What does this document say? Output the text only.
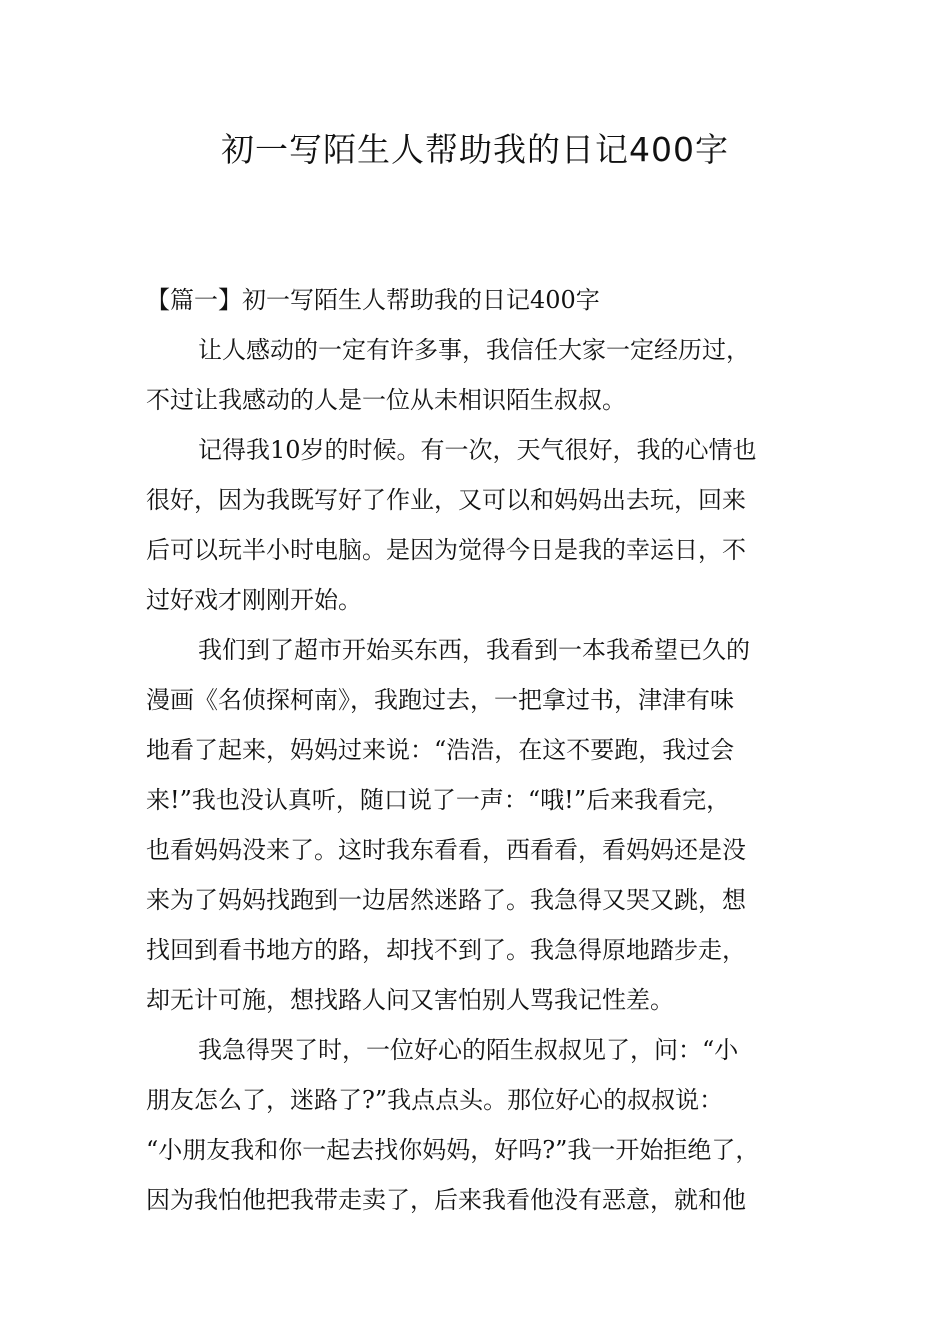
初一写陌生人帮助我的日记400字
【篇一】初一写陌生人帮助我的日记400字
让人感动的一定有许多事，我信任大家一定经历过，
不过让我感动的人是一位从未相识陌生叔叔。
记得我10岁的时候。有一次，天气很好，我的心情也
很好，因为我既写好了作业，又可以和妈妈出去玩，回来
后可以玩半小时电脑。是因为觉得今日是我的幸运日，不
过好戏才刚刚开始。
我们到了超市开始买东西，我看到一本我希望已久的
漫画《名侦探柯南》，我跑过去，一把拿过书，津津有味
地看了起来，妈妈过来说：“浩浩，在这不要跑，我过会
来!”我也没认真听，随口说了一声：“哦!”后来我看完，
也看妈妈没来了。这时我东看看，西看看，看妈妈还是没
来为了妈妈找跑到一边居然迷路了。我急得又哭又跳，想
找回到看书地方的路，却找不到了。我急得原地踏步走，
却无计可施，想找路人问又害怕别人骂我记性差。
我急得哭了时，一位好心的陌生叔叔见了，问：“小
朋友怎么了，迷路了?”我点点头。那位好心的叔叔说：
“小朋友我和你一起去找你妈妈，好吗?”我一开始拒绝了，
因为我怕他把我带走卖了，后来我看他没有恶意，就和他
